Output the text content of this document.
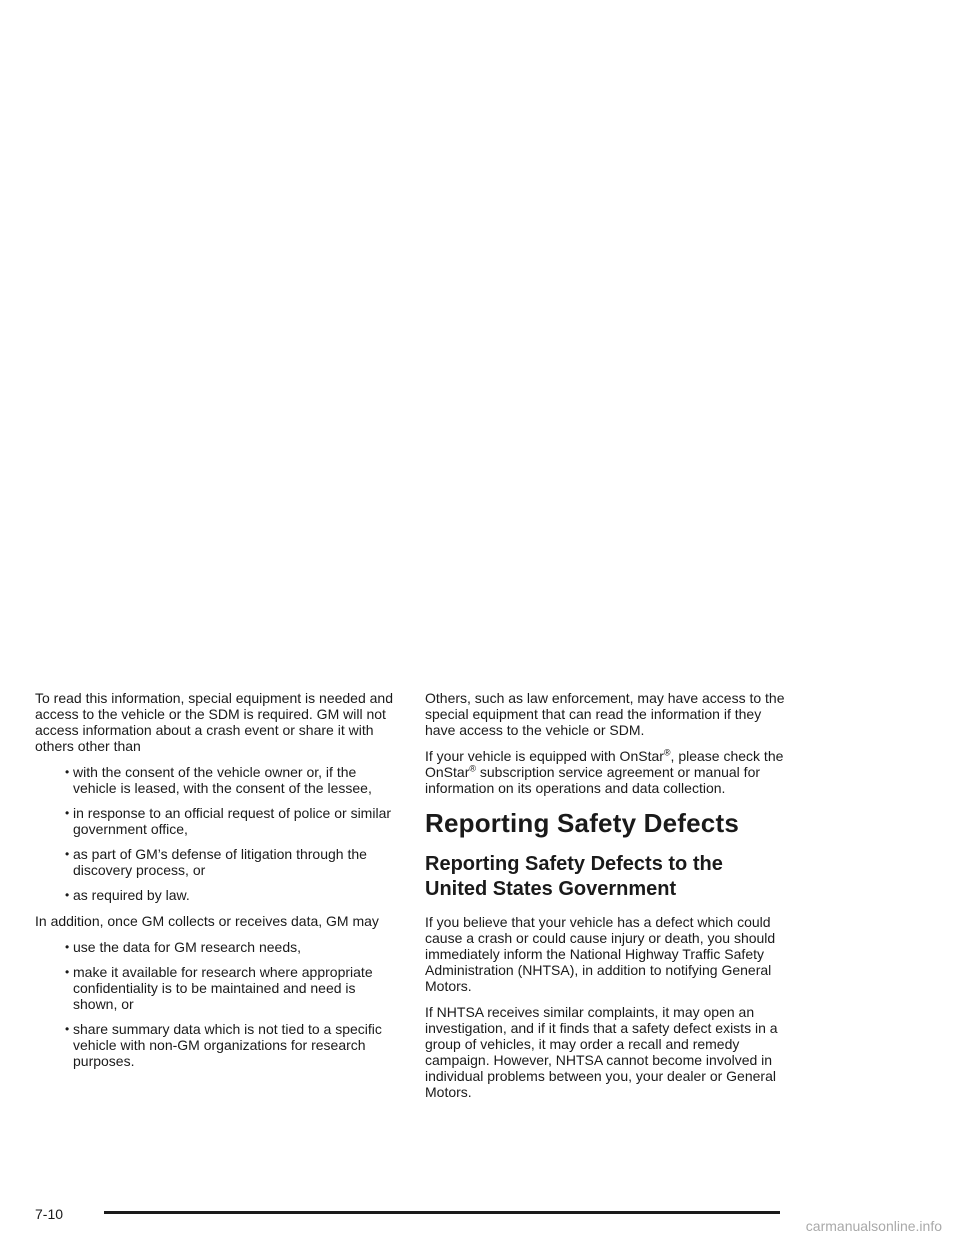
To read this information, special equipment is needed and access to the vehicle or the SDM is required. GM will not access information about a crash event or share it with others other than

• with the consent of the vehicle owner or, if the vehicle is leased, with the consent of the lessee,
• in response to an official request of police or similar government office,
• as part of GM’s defense of litigation through the discovery process, or
• as required by law.

In addition, once GM collects or receives data, GM may

• use the data for GM research needs,
• make it available for research where appropriate confidentiality is to be maintained and need is shown, or
• share summary data which is not tied to a specific vehicle with non-GM organizations for research purposes.

Others, such as law enforcement, may have access to the special equipment that can read the information if they have access to the vehicle or SDM.

If your vehicle is equipped with OnStar®, please check the OnStar® subscription service agreement or manual for information on its operations and data collection.

Reporting Safety Defects
Reporting Safety Defects to the United States Government

If you believe that your vehicle has a defect which could cause a crash or could cause injury or death, you should immediately inform the National Highway Traffic Safety Administration (NHTSA), in addition to notifying General Motors.

If NHTSA receives similar complaints, it may open an investigation, and if it finds that a safety defect exists in a group of vehicles, it may order a recall and remedy campaign. However, NHTSA cannot become involved in individual problems between you, your dealer or General Motors.

7-10
carmanualsonline.info
